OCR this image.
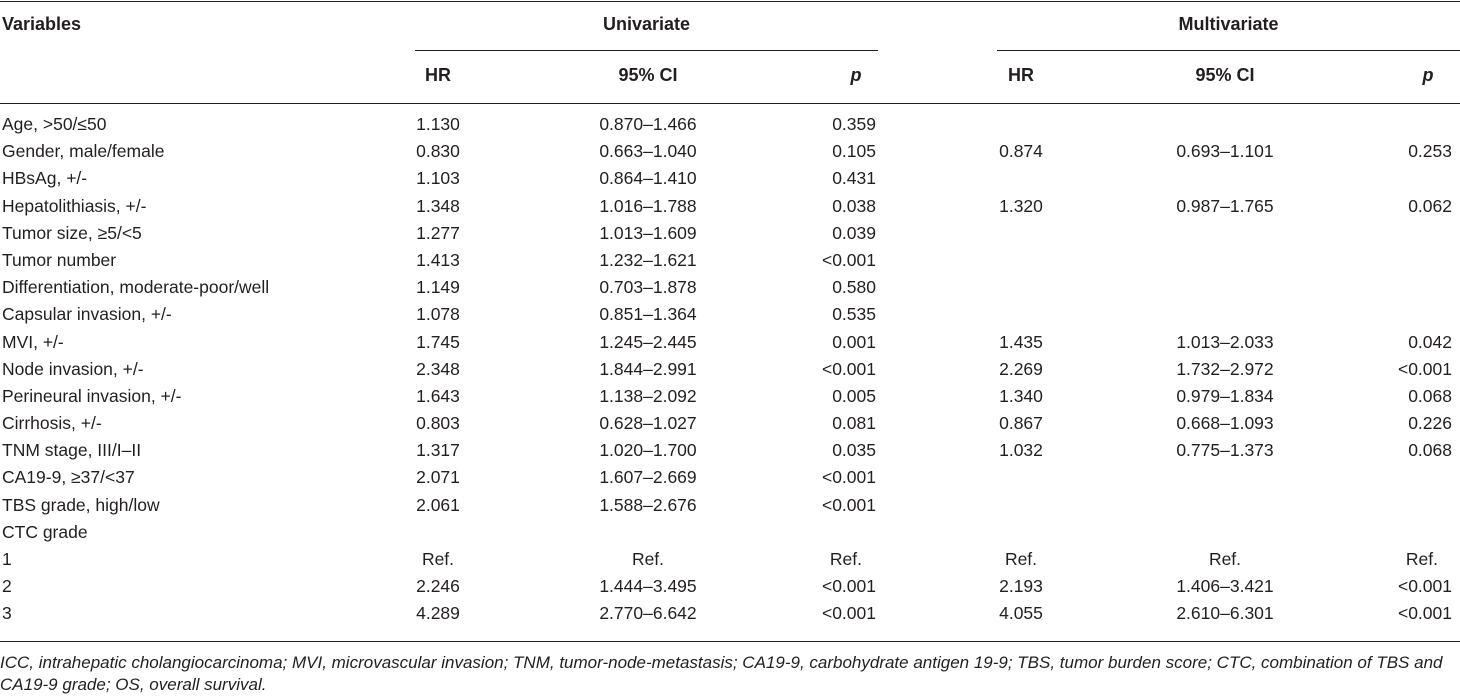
Variables	Univariate	Multivariate
HR	95% CI	p	HR	95% CI	p
Age, >50/≤50	1.130	0.870–1.466	0.359
Gender, male/female	0.830	0.663–1.040	0.105	0.874	0.693–1.101	0.253
HBsAg, +/-	1.103	0.864–1.410	0.431
Hepatolithiasis, +/-	1.348	1.016–1.788	0.038	1.320	0.987–1.765	0.062
Tumor size, ≥5/<5	1.277	1.013–1.609	0.039
Tumor number	1.413	1.232–1.621	<0.001
Differentiation, moderate-poor/well	1.149	0.703–1.878	0.580
Capsular invasion, +/-	1.078	0.851–1.364	0.535
MVI, +/-	1.745	1.245–2.445	0.001	1.435	1.013–2.033	0.042
Node invasion, +/-	2.348	1.844–2.991	<0.001	2.269	1.732–2.972	<0.001
Perineural invasion, +/-	1.643	1.138–2.092	0.005	1.340	0.979–1.834	0.068
Cirrhosis, +/-	0.803	0.628–1.027	0.081	0.867	0.668–1.093	0.226
TNM stage, III/I–II	1.317	1.020–1.700	0.035	1.032	0.775–1.373	0.068
CA19-9, ≥37/<37	2.071	1.607–2.669	<0.001
TBS grade, high/low	2.061	1.588–2.676	<0.001
CTC grade
1	Ref.	Ref.	Ref.	Ref.	Ref.	Ref.
2	2.246	1.444–3.495	<0.001	2.193	1.406–3.421	<0.001
3	4.289	2.770–6.642	<0.001	4.055	2.610–6.301	<0.001
ICC, intrahepatic cholangiocarcinoma; MVI, microvascular invasion; TNM, tumor-node-metastasis; CA19-9, carbohydrate antigen 19-9; TBS, tumor burden score; CTC, combination of TBS and CA19-9 grade; OS, overall survival.
